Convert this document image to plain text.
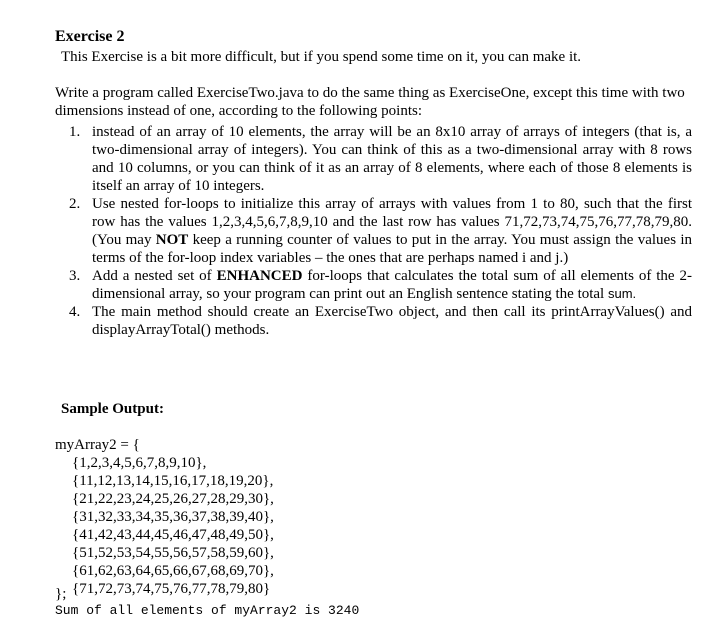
Exercise 2
This Exercise is a bit more difficult, but if you spend some time on it, you can make it.
Write a program called ExerciseTwo.java to do the same thing as ExerciseOne, except this time with two dimensions instead of one, according to the following points:
1. instead of an array of 10 elements, the array will be an 8x10 array of arrays of integers (that is, a two-dimensional array of integers). You can think of this as a two-dimensional array with 8 rows and 10 columns, or you can think of it as an array of 8 elements, where each of those 8 elements is itself an array of 10 integers.
2. Use nested for-loops to initialize this array of arrays with values from 1 to 80, such that the first row has the values 1,2,3,4,5,6,7,8,9,10 and the last row has values 71,72,73,74,75,76,77,78,79,80. (You may NOT keep a running counter of values to put in the array. You must assign the values in terms of the for-loop index variables – the ones that are perhaps named i and j.)
3. Add a nested set of ENHANCED for-loops that calculates the total sum of all elements of the 2-dimensional array, so your program can print out an English sentence stating the total sum.
4. The main method should create an ExerciseTwo object, and then call its printArrayValues() and displayArrayTotal() methods.
Sample Output:
myArray2 = {
{1,2,3,4,5,6,7,8,9,10},
{11,12,13,14,15,16,17,18,19,20},
{21,22,23,24,25,26,27,28,29,30},
{31,32,33,34,35,36,37,38,39,40},
{41,42,43,44,45,46,47,48,49,50},
{51,52,53,54,55,56,57,58,59,60},
{61,62,63,64,65,66,67,68,69,70},
{71,72,73,74,75,76,77,78,79,80}
};
Sum of all elements of myArray2 is 3240
